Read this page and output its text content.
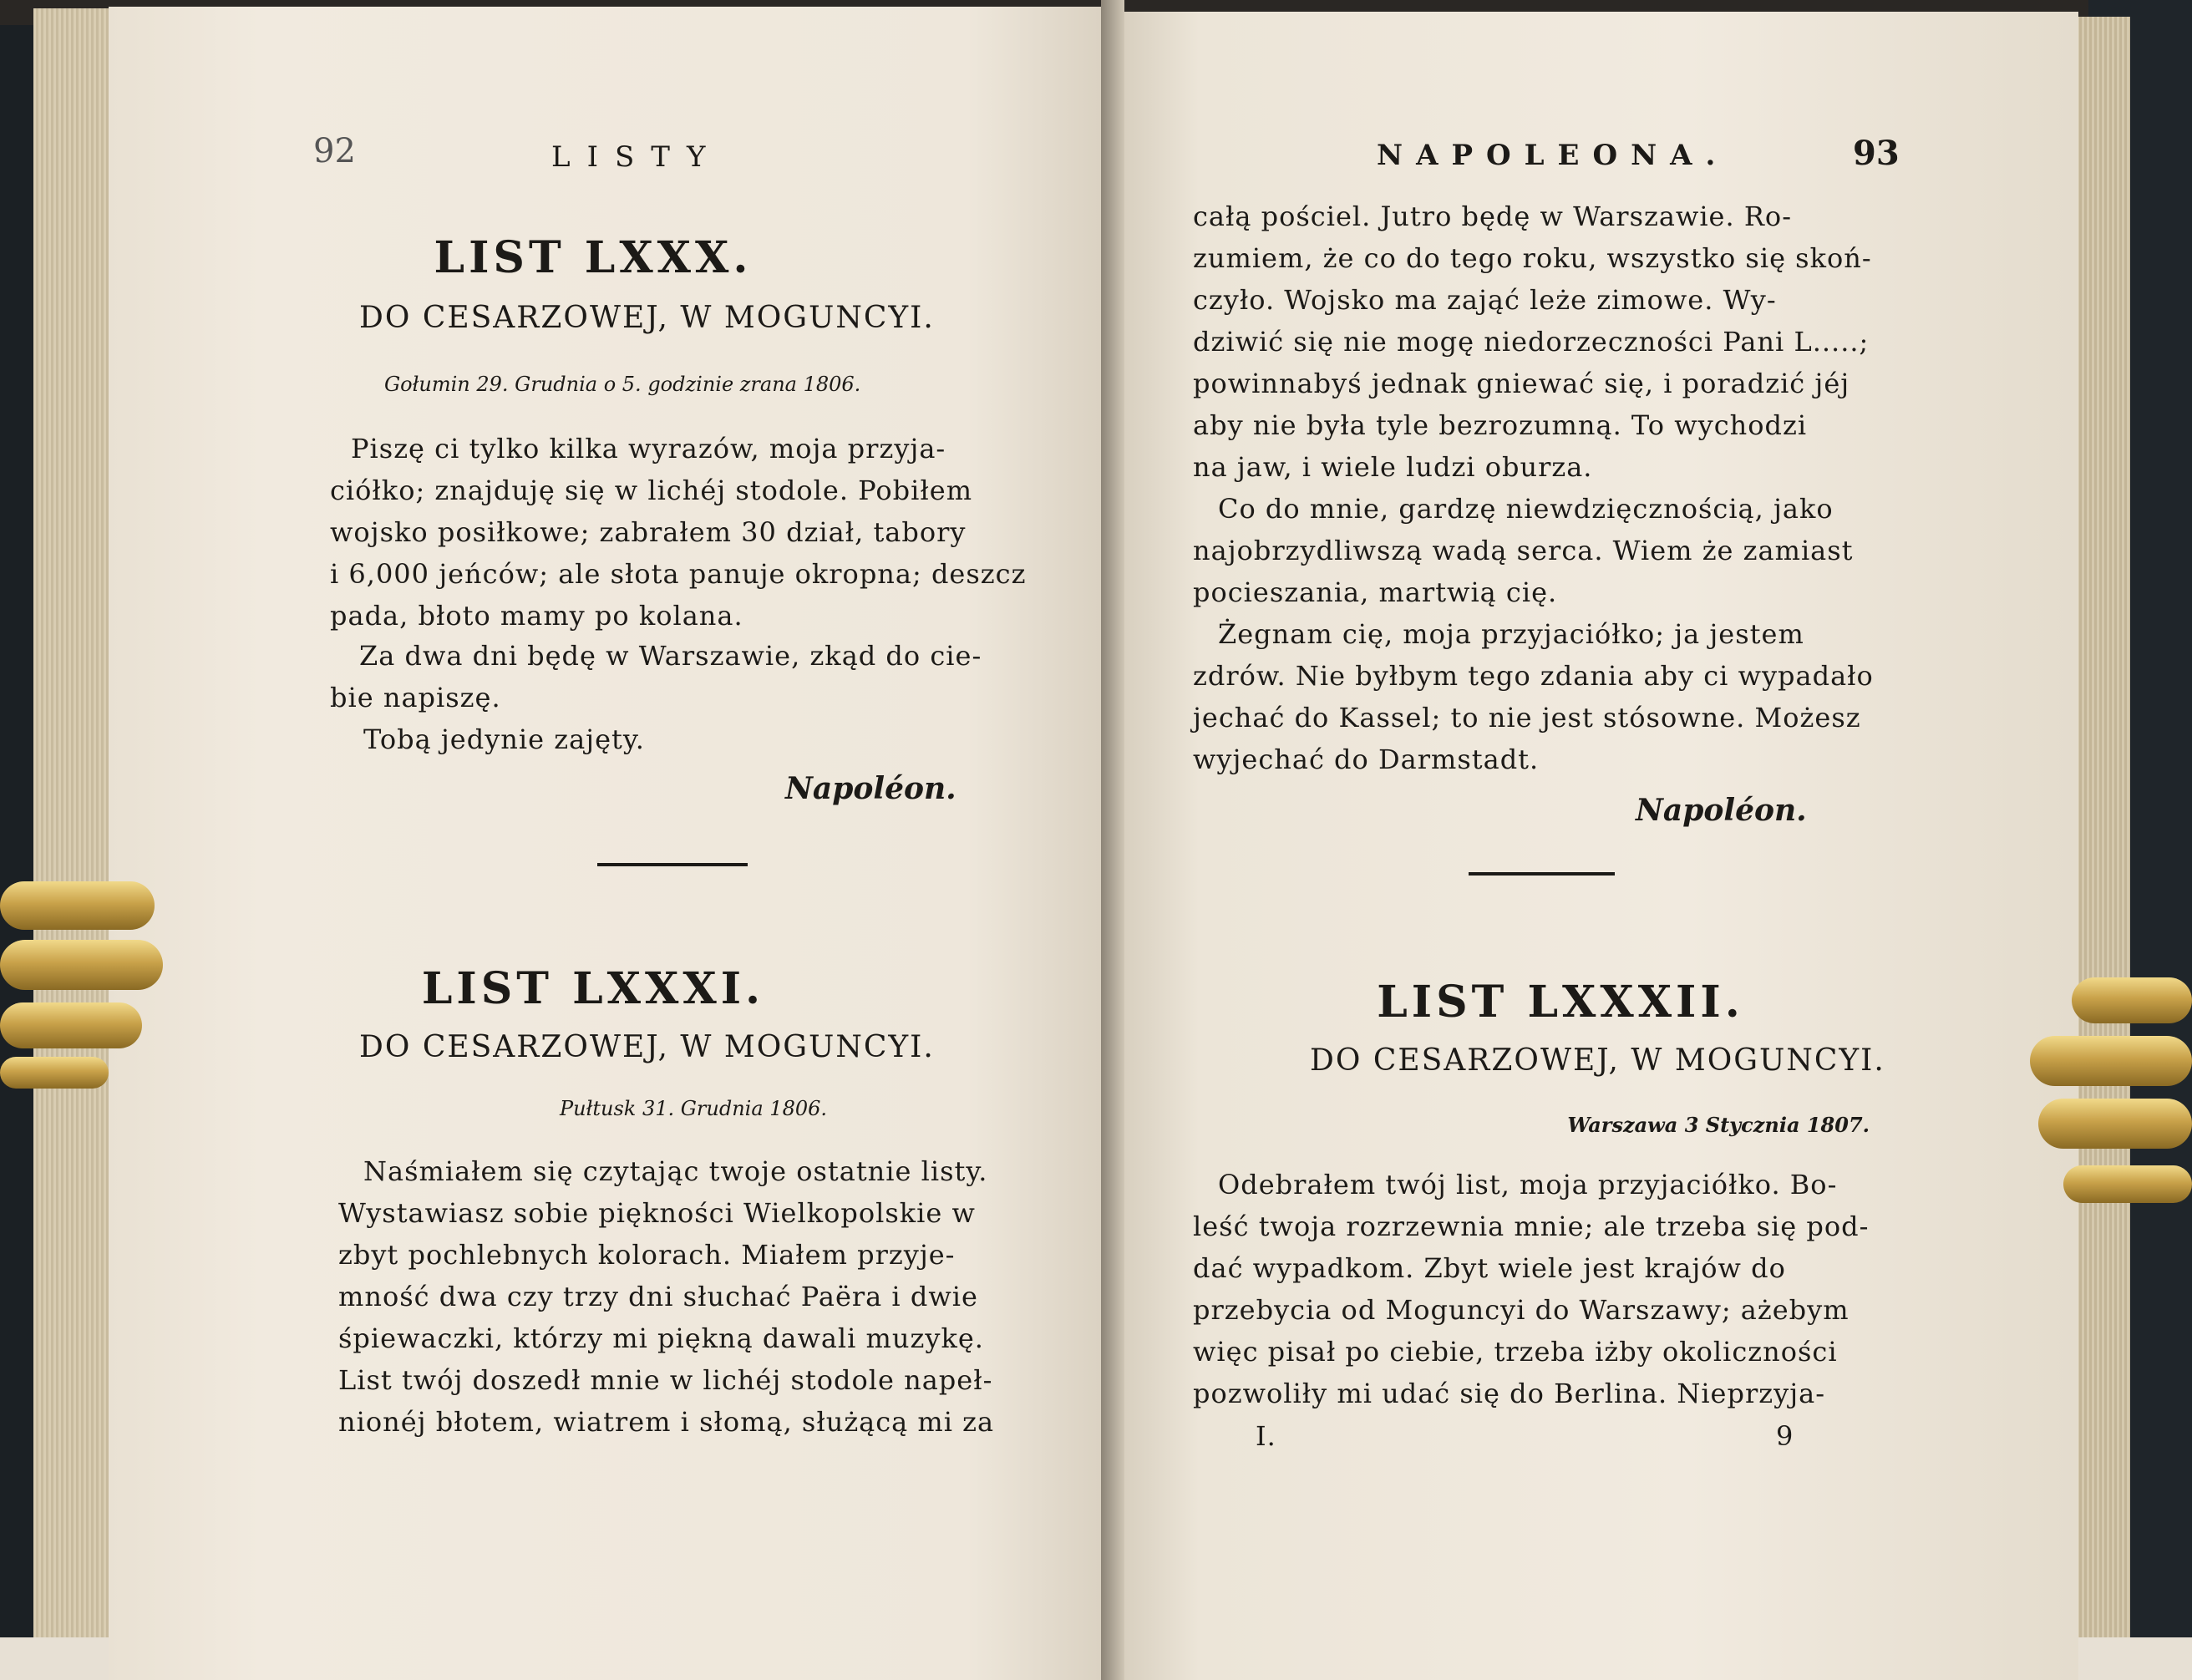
92	LISTY
LIST LXXX.
DO CESARZOWEJ, W MOGUNCYI.
Gołumin 29. Grudnia o 5. godzinie zrana 1806.
Piszę ci tylko kilka wyrazów, moja przyja-
ciółko; znajduję się w lichéj stodole. Pobiłem
wojsko posiłkowe; zabrałem 30 dział, tabory
i 6,000 jeńców; ale słota panuje okropna; deszcz
pada, błoto mamy po kolana.
Za dwa dni będę w Warszawie, zkąd do cie-
bie napiszę.
Tobą jedynie zajęty.
Napoléon.
LIST LXXXI.
DO CESARZOWEJ, W MOGUNCYI.
Pułtusk 31. Grudnia 1806.
Naśmiałem się czytając twoje ostatnie listy.
Wystawiasz sobie piękności Wielkopolskie w
zbyt pochlebnych kolorach. Miałem przyje-
mność dwa czy trzy dni słuchać Paëra i dwie
śpiewaczki, którzy mi piękną dawali muzykę.
List twój doszedł mnie w lichéj stodole napeł-
nionéj błotem, wiatrem i słomą, służącą mi za
NAPOLEONA.	93
całą pościel. Jutro będę w Warszawie. Ro-
zumiem, że co do tego roku, wszystko się skoń-
czyło. Wojsko ma zająć leże zimowe. Wy-
dziwić się nie mogę niedorzeczności Pani L.....;
powinnabyś jednak gniewać się, i poradzić jéj
aby nie była tyle bezrozumną. To wychodzi
na jaw, i wiele ludzi oburza.
Co do mnie, gardzę niewdzięcznością, jako
najobrzydliwszą wadą serca. Wiem że zamiast
pocieszania, martwią cię.
Żegnam cię, moja przyjaciółko; ja jestem
zdrów. Nie byłbym tego zdania aby ci wypadało
jechać do Kassel; to nie jest stósowne. Możesz
wyjechać do Darmstadt.
Napoléon.
LIST LXXXII.
DO CESARZOWEJ, W MOGUNCYI.
Warszawa 3 Stycznia 1807.
Odebrałem twój list, moja przyjaciółko. Bo-
leść twoja rozrzewnia mnie; ale trzeba się pod-
dać wypadkom. Zbyt wiele jest krajów do
przebycia od Moguncyi do Warszawy; ażebym
więc pisał po ciebie, trzeba iżby okoliczności
pozwoliły mi udać się do Berlina. Nieprzyja-
I.	9
